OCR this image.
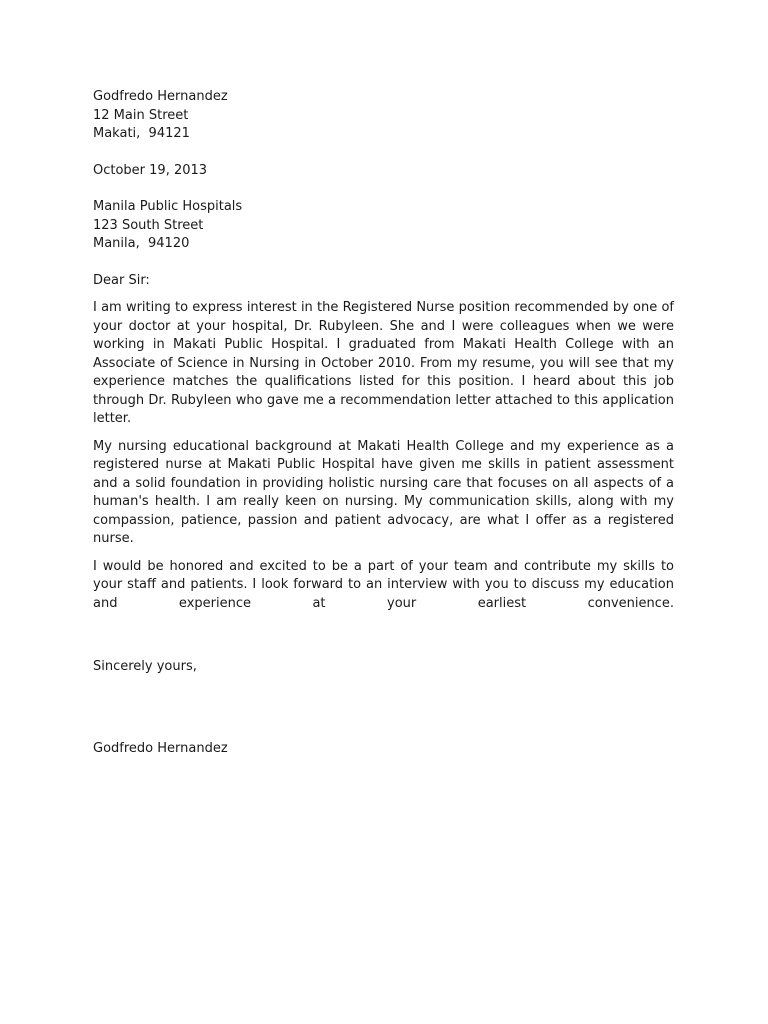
Godfredo Hernandez
12 Main Street
Makati,  94121
October 19, 2013
Manila Public Hospitals
123 South Street
Manila,  94120
Dear Sir:

I am writing to express interest in the Registered Nurse position recommended by one of your doctor at your hospital, Dr. Rubyleen. She and I were colleagues when we were working in Makati Public Hospital. I graduated from Makati Health College with an Associate of Science in Nursing in October 2010. From my resume, you will see that my experience matches the qualifications listed for this position. I heard about this job through Dr. Rubyleen who gave me a recommendation letter attached to this application letter.

My nursing educational background at Makati Health College and my experience as a registered nurse at Makati Public Hospital have given me skills in patient assessment and a solid foundation in providing holistic nursing care that focuses on all aspects of a human's health. I am really keen on nursing. My communication skills, along with my compassion, patience, passion and patient advocacy, are what I offer as a registered nurse.

I would be honored and excited to be a part of your team and contribute my skills to your staff and patients. I look forward to an interview with you to discuss my education and experience at your earliest convenience.

Sincerely yours,
Godfredo Hernandez
